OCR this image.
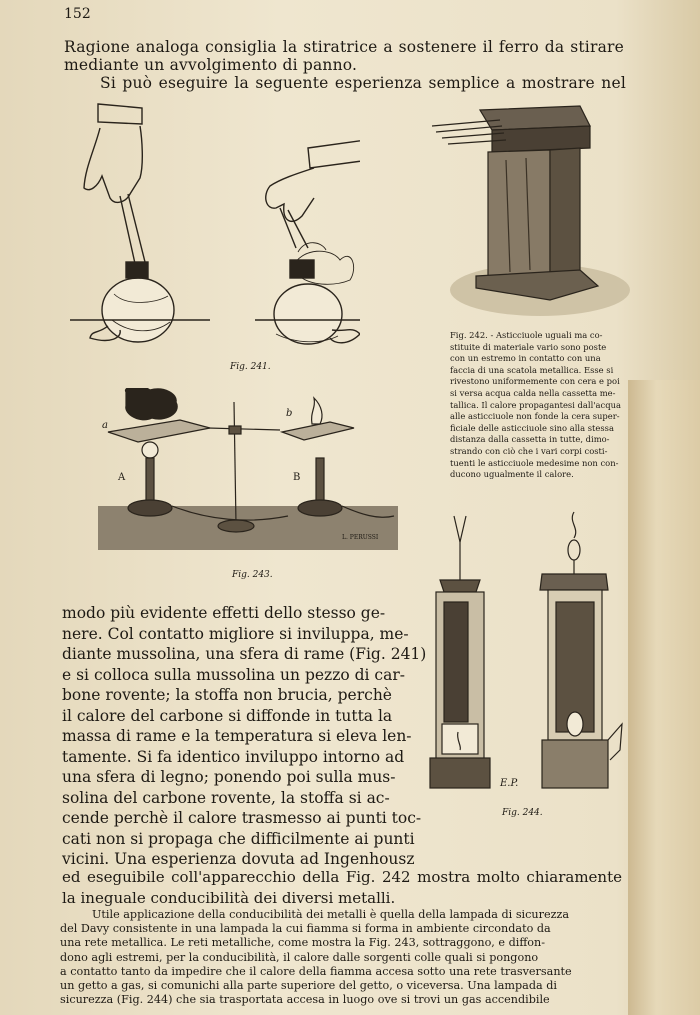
152

Ragione analoga consiglia la stiratrice a sostenere il ferro da stirare

mediante un avvolgimento di panno.

Si può eseguire la seguente esperienza semplice a mostrare nel

Fig. 241.

Fig. 242. - Asticciuole uguali ma co-

stituite di materiale vario sono poste

con un estremo in contatto con una

faccia di una scatola metallica. Esse si

rivestono uniformemente con cera e poi

si versa acqua calda nella cassetta me-

tallica. Il calore propagantesi dall'acqua

alle asticciuole non fonde la cera super-

ficiale delle asticciuole sino alla stessa

distanza dalla cassetta in tutte, dimo-

strando con ciò che i vari corpi costi-

tuenti le asticciuole medesime non con-

ducono ugualmente il calore.

a

b

A	B

L. PERUSSI

Fig. 243.

E.P.

Fig. 244.

modo più evidente effetti dello stesso ge-

nere. Col contatto migliore si inviluppa, me-

diante mussolina, una sfera di rame (Fig. 241)

e si colloca sulla mussolina un pezzo di car-

bone rovente; la stoffa non brucia, perchè

il calore del carbone si diffonde in tutta la

massa di rame e la temperatura si eleva len-

tamente. Si fa identico inviluppo intorno ad

una sfera di legno; ponendo poi sulla mus-

solina del carbone rovente, la stoffa si ac-

cende perchè il calore trasmesso ai punti toc-

cati non si propaga che difficilmente ai punti

vicini. Una esperienza dovuta ad Ingenhousz

ed eseguibile coll'apparecchio della Fig. 242 mostra molto chiaramente

la ineguale conducibilità dei diversi metalli.

Utile applicazione della conducibilità dei metalli è quella della lampada di sicurezza

del Davy consistente in una lampada la cui fiamma si forma in ambiente circondato da

una rete metallica. Le reti metalliche, come mostra la Fig. 243, sottraggono, e diffon-

dono agli estremi, per la conducibilità, il calore dalle sorgenti colle quali si pongono

a contatto tanto da impedire che il calore della fiamma accesa sotto una rete trasversante

un getto a gas, si comunichi alla parte superiore del getto, o viceversa. Una lampada di

sicurezza (Fig. 244) che sia trasportata accesa in luogo ove si trovi un gas accendibile
